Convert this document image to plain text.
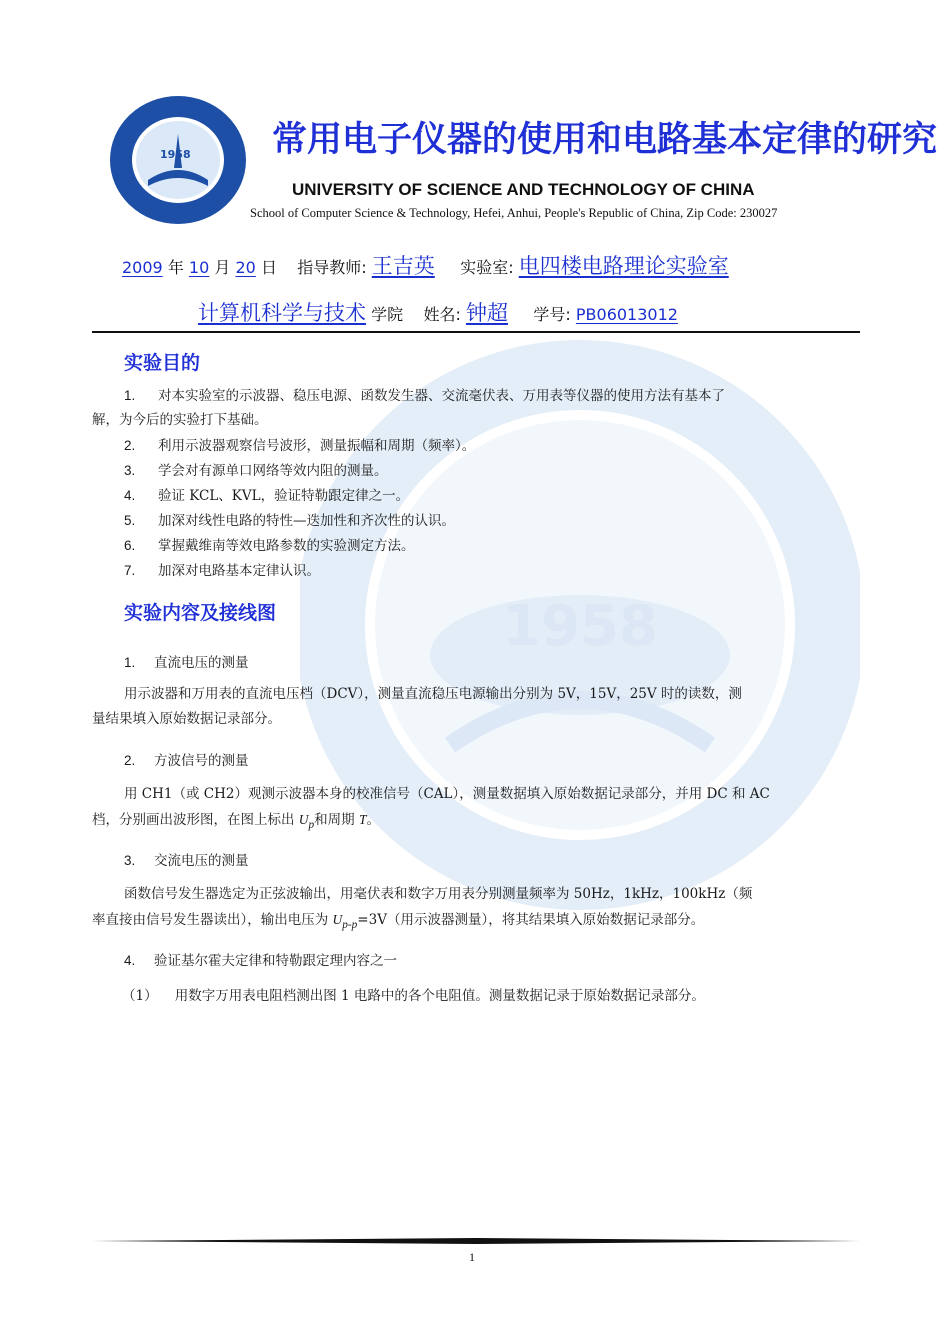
1958
1958 常用电子仪器的使用和电路基本定律的研究
UNIVERSITY OF SCIENCE AND TECHNOLOGY OF CHINA
School of Computer Science & Technology, Hefei, Anhui, People's Republic of China, Zip Code: 230027
2009 年 10 月 20 日 指导教师: 王吉英 实验室: 电四楼电路理论实验室
计算机科学与技术 学院 姓名: 钟超 学号: PB06013012
实验目的
1. 对本实验室的示波器、稳压电源、函数发生器、交流毫伏表、万用表等仪器的使用方法有基本了
解，为今后的实验打下基础。
2. 利用示波器观察信号波形，测量振幅和周期（频率）。
3. 学会对有源单口网络等效内阻的测量。
4. 验证 KCL、KVL，验证特勒跟定律之一。
5. 加深对线性电路的特性—迭加性和齐次性的认识。
6. 掌握戴维南等效电路参数的实验测定方法。
7. 加深对电路基本定律认识。
实验内容及接线图
1. 直流电压的测量
用示波器和万用表的直流电压档（DCV），测量直流稳压电源输出分别为 5V，15V，25V 时的读数，测
量结果填入原始数据记录部分。
2. 方波信号的测量
用 CH1（或 CH2）观测示波器本身的校准信号（CAL），测量数据填入原始数据记录部分，并用 DC 和 AC
档，分别画出波形图，在图上标出 $U_p$和周期 T。
3. 交流电压的测量
函数信号发生器选定为正弦波输出，用毫伏表和数字万用表分别测量频率为 50Hz，1kHz，100kHz（频
率直接由信号发生器读出），输出电压为 $U_{p-p}=3V$（用示波器测量），将其结果填入原始数据记录部分。
4. 验证基尔霍夫定律和特勒跟定理内容之一
（1） 用数字万用表电阻档测出图 1 电路中的各个电阻值。测量数据记录于原始数据记录部分。
1
